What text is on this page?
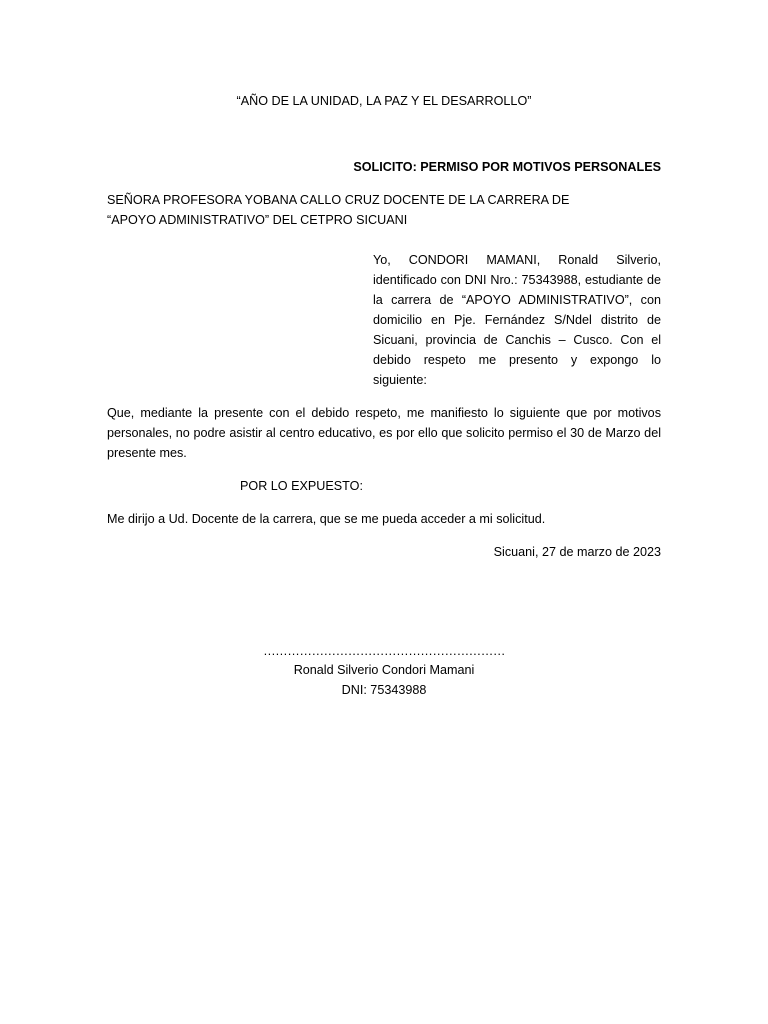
“AÑO DE LA UNIDAD, LA PAZ Y EL DESARROLLO”
SOLICITO: PERMISO POR MOTIVOS PERSONALES
SEÑORA PROFESORA YOBANA CALLO CRUZ DOCENTE DE LA CARRERA DE “APOYO ADMINISTRATIVO” DEL CETPRO SICUANI
Yo, CONDORI MAMANI, Ronald Silverio, identificado con DNI Nro.: 75343988, estudiante de la carrera de “APOYO ADMINISTRATIVO”, con domicilio en Pje. Fernández S/Ndel distrito de Sicuani, provincia de Canchis – Cusco. Con el debido respeto me presento y expongo lo siguiente:
Que, mediante la presente con el debido respeto, me manifiesto lo siguiente que por motivos personales, no podre asistir al centro educativo, es por ello que solicito permiso el 30 de Marzo del presente mes.
POR LO EXPUESTO:
Me dirijo a Ud. Docente de la carrera, que se me pueda acceder a mi solicitud.
Sicuani, 27 de marzo de 2023
……………………………………………………
Ronald Silverio Condori Mamani
DNI: 75343988
